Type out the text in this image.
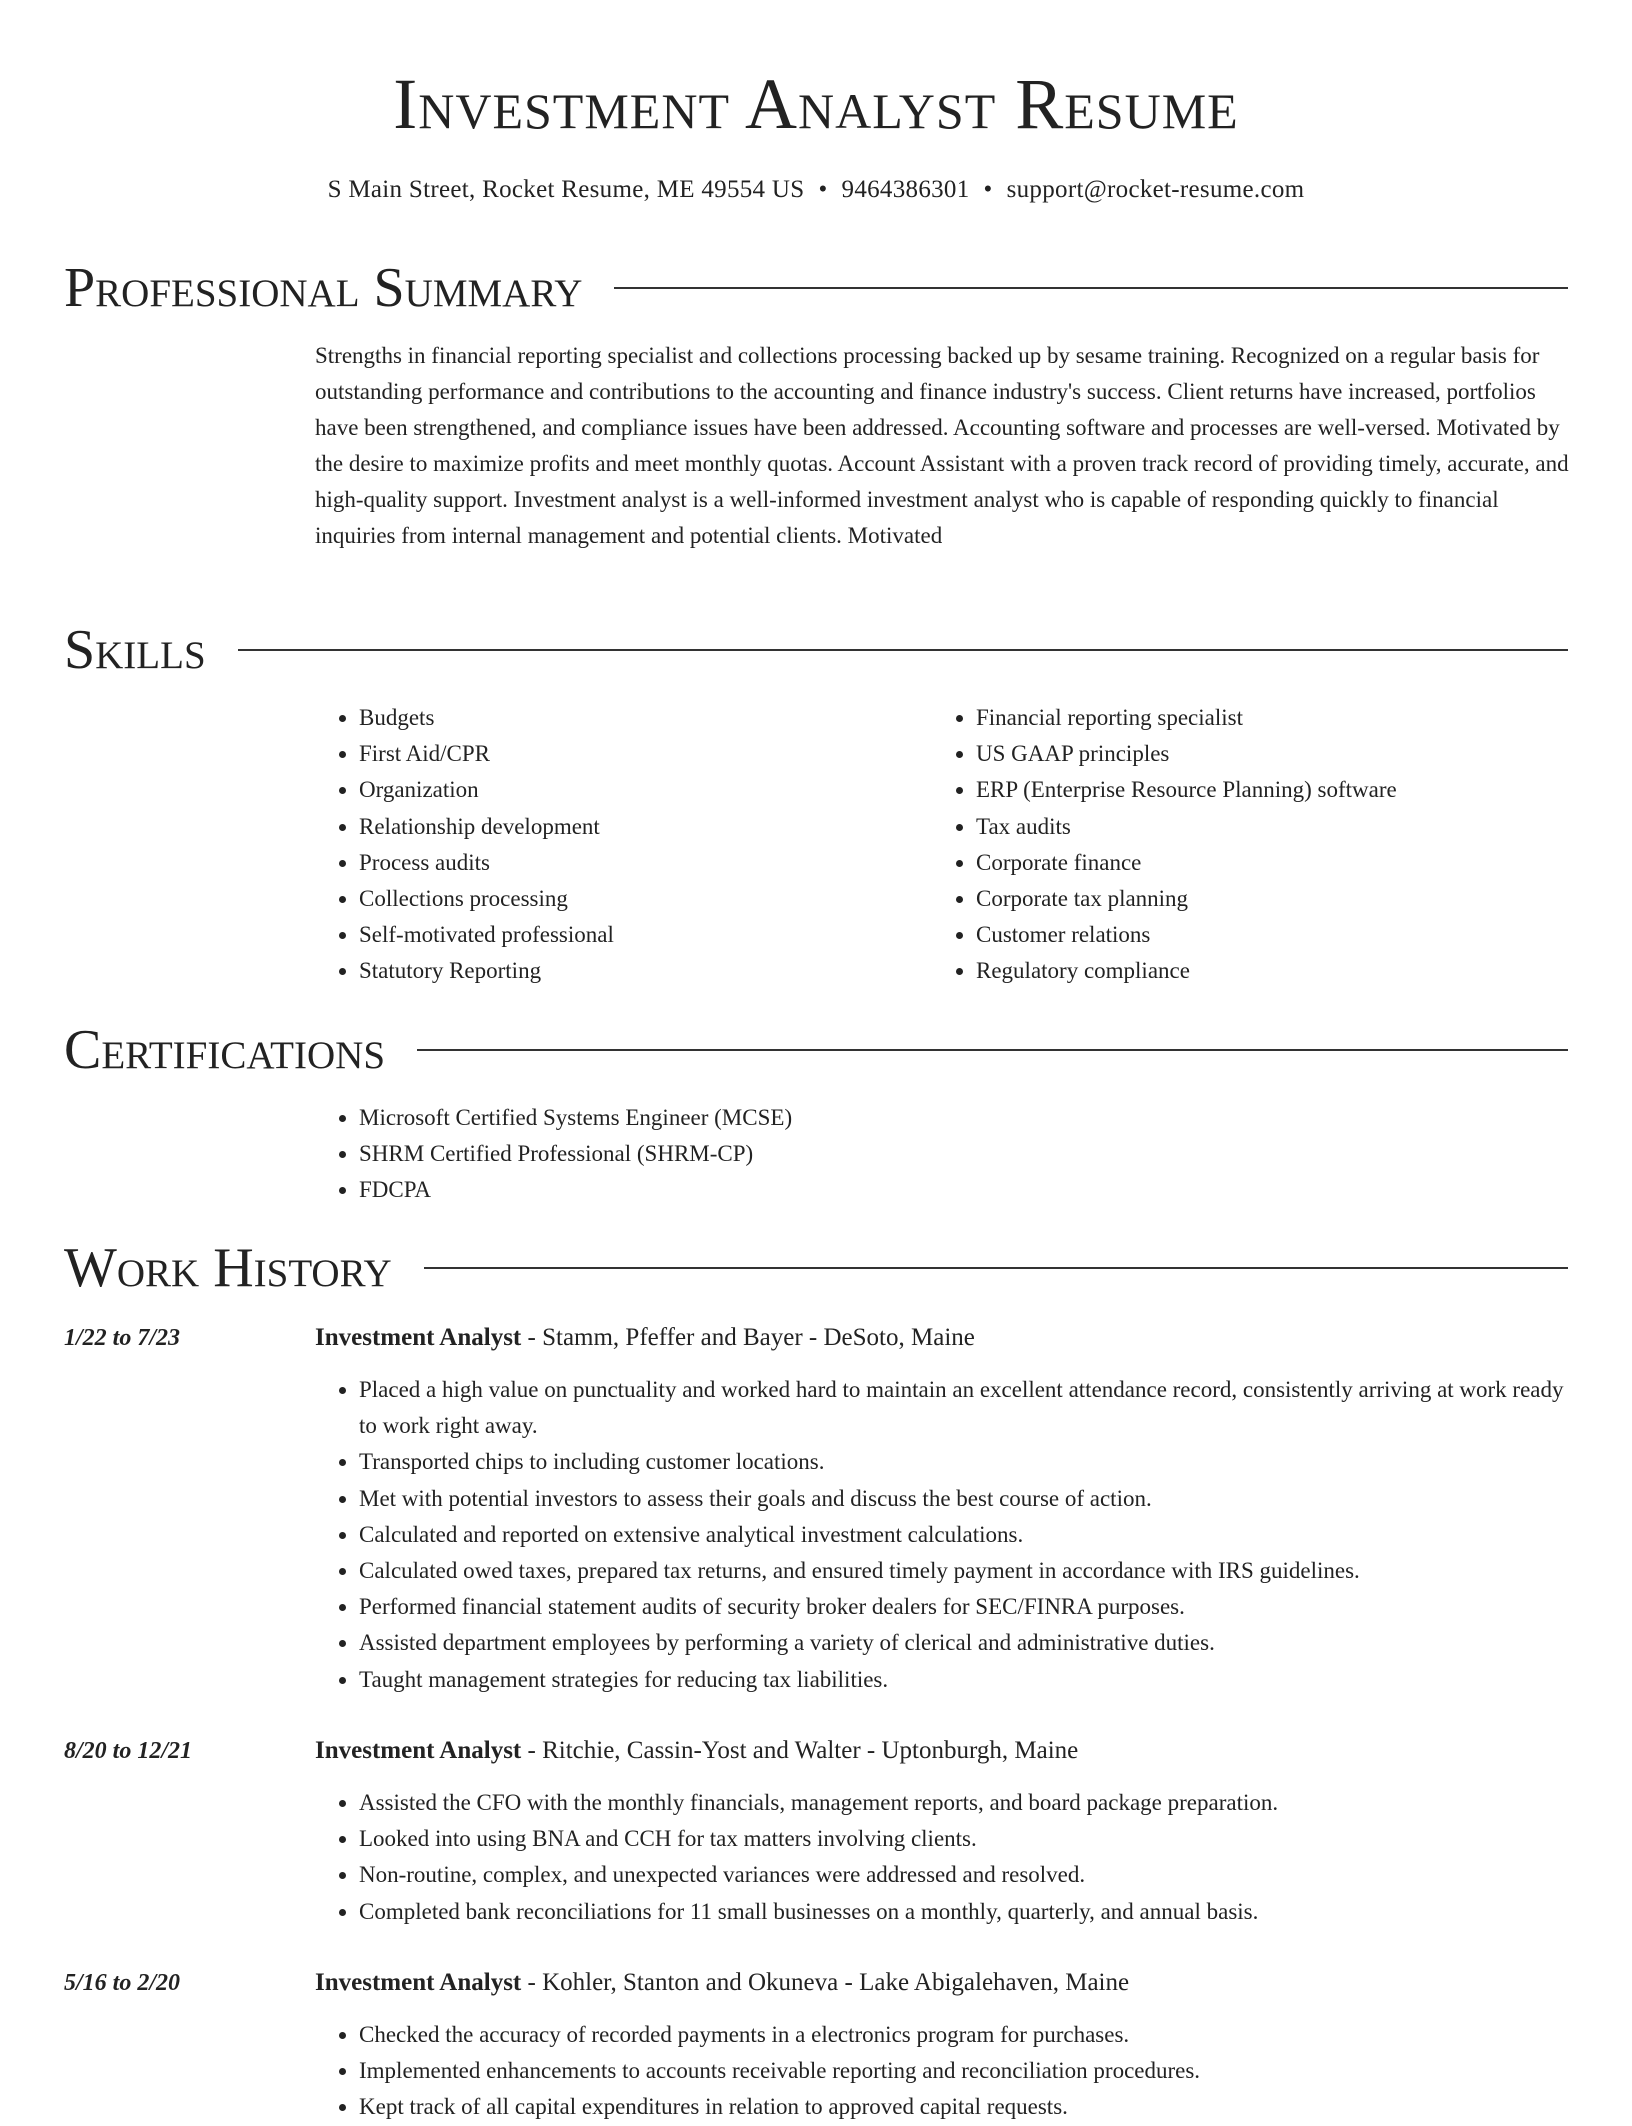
Investment Analyst Resume
S Main Street, Rocket Resume, ME 49554 US • 9464386301 • support@rocket-resume.com
Professional Summary
Strengths in financial reporting specialist and collections processing backed up by sesame training. Recognized on a regular basis for outstanding performance and contributions to the accounting and finance industry's success. Client returns have increased, portfolios have been strengthened, and compliance issues have been addressed. Accounting software and processes are well-versed. Motivated by the desire to maximize profits and meet monthly quotas. Account Assistant with a proven track record of providing timely, accurate, and high-quality support. Investment analyst is a well-informed investment analyst who is capable of responding quickly to financial inquiries from internal management and potential clients. Motivated
Skills
• Budgets
• First Aid/CPR
• Organization
• Relationship development
• Process audits
• Collections processing
• Self-motivated professional
• Statutory Reporting
• Financial reporting specialist
• US GAAP principles
• ERP (Enterprise Resource Planning) software
• Tax audits
• Corporate finance
• Corporate tax planning
• Customer relations
• Regulatory compliance
Certifications
• Microsoft Certified Systems Engineer (MCSE)
• SHRM Certified Professional (SHRM-CP)
• FDCPA
Work History
1/22 to 7/23	Investment Analyst - Stamm, Pfeffer and Bayer - DeSoto, Maine
• Placed a high value on punctuality and worked hard to maintain an excellent attendance record, consistently arriving at work ready to work right away.
• Transported chips to including customer locations.
• Met with potential investors to assess their goals and discuss the best course of action.
• Calculated and reported on extensive analytical investment calculations.
• Calculated owed taxes, prepared tax returns, and ensured timely payment in accordance with IRS guidelines.
• Performed financial statement audits of security broker dealers for SEC/FINRA purposes.
• Assisted department employees by performing a variety of clerical and administrative duties.
• Taught management strategies for reducing tax liabilities.
8/20 to 12/21	Investment Analyst - Ritchie, Cassin-Yost and Walter - Uptonburgh, Maine
• Assisted the CFO with the monthly financials, management reports, and board package preparation.
• Looked into using BNA and CCH for tax matters involving clients.
• Non-routine, complex, and unexpected variances were addressed and resolved.
• Completed bank reconciliations for 11 small businesses on a monthly, quarterly, and annual basis.
5/16 to 2/20	Investment Analyst - Kohler, Stanton and Okuneva - Lake Abigalehaven, Maine
• Checked the accuracy of recorded payments in a electronics program for purchases.
• Implemented enhancements to accounts receivable reporting and reconciliation procedures.
• Kept track of all capital expenditures in relation to approved capital requests.
